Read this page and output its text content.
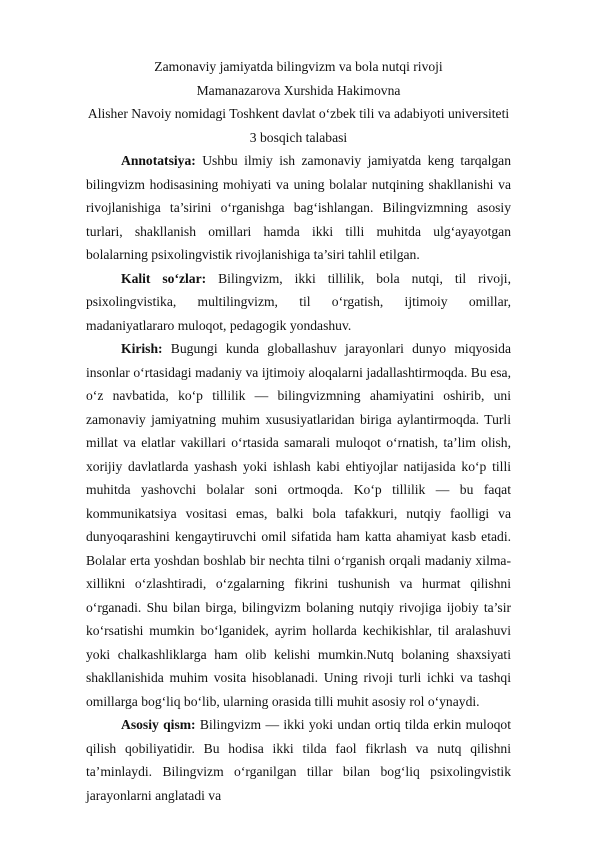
Zamonaviy jamiyatda bilingvizm va bola nutqi rivoji
Mamanazarova Xurshida Hakimovna
Alisher Navoiy nomidagi Toshkent davlat o‘zbek tili va adabiyoti universiteti 3 bosqich talabasi

Annotatsiya: Ushbu ilmiy ish zamonaviy jamiyatda keng tarqalgan bilingvizm hodisasining mohiyati va uning bolalar nutqining shakllanishi va rivojlanishiga ta’sirini o‘rganishga bag‘ishlangan. Bilingvizmning asosiy turlari, shakllanish omillari hamda ikki tilli muhitda ulg‘ayayotgan bolalarning psixolingvistik rivojlanishiga ta’siri tahlil etilgan.

Kalit so‘zlar: Bilingvizm, ikki tillilik, bola nutqi, til rivoji, psixolingvistika, multilingvizm, til o‘rgatish, ijtimoiy omillar, madaniyatlararo muloqot, pedagogik yondashuv.

Kirish: Bugungi kunda globallashuv jarayonlari dunyo miqyosida insonlar o‘rtasidagi madaniy va ijtimoiy aloqalarni jadallashtirmoqda. Bu esa, o‘z navbatida, ko‘p tillilik — bilingvizmning ahamiyatini oshirib, uni zamonaviy jamiyatning muhim xususiyatlaridan biriga aylantirmoqda. Turli millat va elatlar vakillari o‘rtasida samarali muloqot o‘rnatish, ta’lim olish, xorijiy davlatlarda yashash yoki ishlash kabi ehtiyojlar natijasida ko‘p tilli muhitda yashovchi bolalar soni ortmoqda. Ko‘p tillilik — bu faqat kommunikatsiya vositasi emas, balki bola tafakkuri, nutqiy faolligi va dunyoqarashini kengaytiruvchi omil sifatida ham katta ahamiyat kasb etadi. Bolalar erta yoshdan boshlab bir nechta tilni o‘rganish orqali madaniy xilma-xillikni o‘zlashtiradi, o‘zgalarning fikrini tushunish va hurmat qilishni o‘rganadi. Shu bilan birga, bilingvizm bolaning nutqiy rivojiga ijobiy ta’sir ko‘rsatishi mumkin bo‘lganidek, ayrim hollarda kechikishlar, til aralashuvi yoki chalkashliklarga ham olib kelishi mumkin.Nutq bolaning shaxsiyati shakllanishida muhim vosita hisoblanadi. Uning rivoji turli ichki va tashqi omillarga bog‘liq bo‘lib, ularning orasida tilli muhit asosiy rol o‘ynaydi.

Asosiy qism: Bilingvizm — ikki yoki undan ortiq tilda erkin muloqot qilish qobiliyatidir. Bu hodisa ikki tilda faol fikrlash va nutq qilishni ta’minlaydi. Bilingvizm o‘rganilgan tillar bilan bog‘liq psixolingvistik jarayonlarni anglatadi va
